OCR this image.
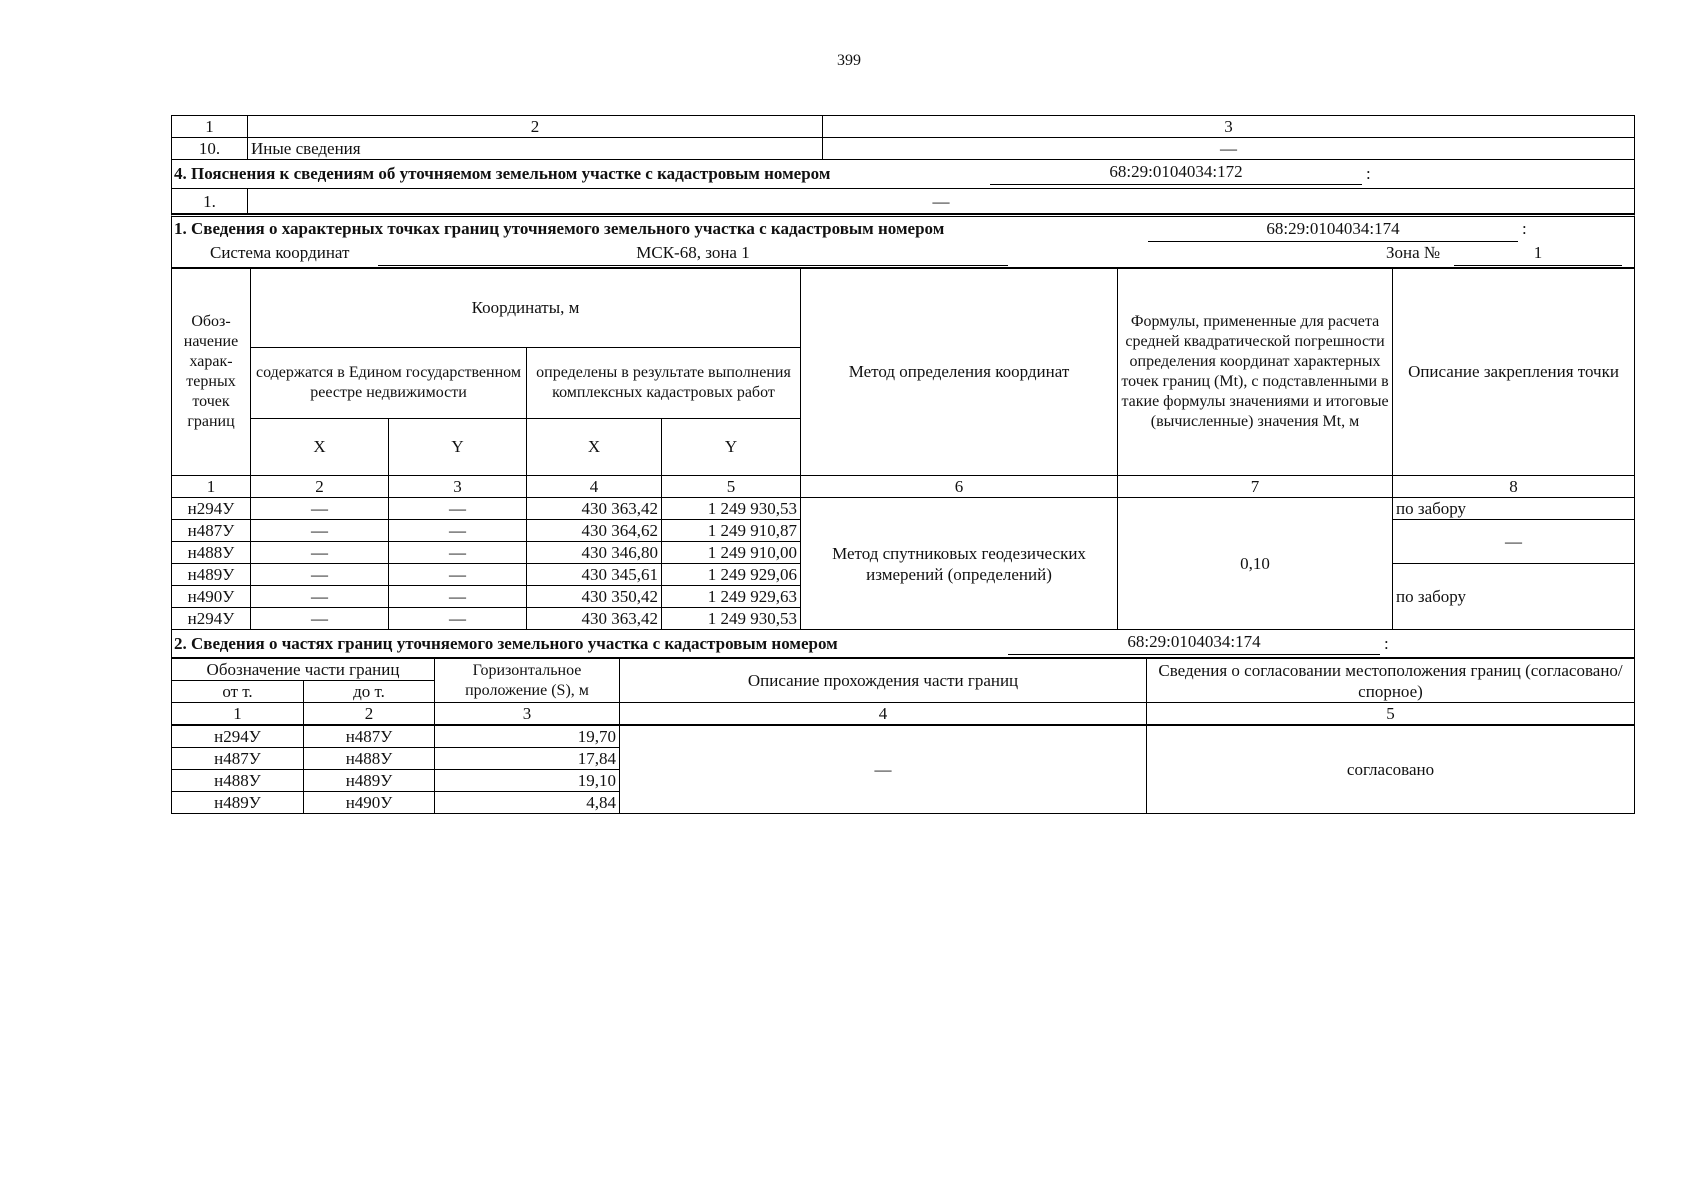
399
1	2	3
10.	Иные сведения	—
4. Пояснения к сведениям об уточняемом земельном участке с кадастровым номером	68:29:0104034:172	:
1.	—
1. Сведения о характерных точках границ уточняемого земельного участка с кадастровым номером	68:29:0104034:174	:
Система координат	МСК-68, зона 1	Зона №	1
Обоз-начение харак-терных точек границ	Координаты, м				Метод определения координат	Формулы, примененные для расчета средней квадратической погрешности определения координат характерных точек границ (Mt), с подставленными в такие формулы значениями и итоговые (вычисленные) значения Mt, м	Описание закрепления точки
	содержатся в Едином государственном реестре недвижимости		определены в результате выполнения комплексных кадастровых работ				
	X	Y	X	Y			
1	2	3	4	5	6	7	8
н294У	—	—	430 363,42	1 249 930,53	Метод спутниковых геодезических измерений (определений)	0,10	по забору
н487У	—	—	430 364,62	1 249 910,87			—
н488У	—	—	430 346,80	1 249 910,00			
н489У	—	—	430 345,61	1 249 929,06			по забору
н490У	—	—	430 350,42	1 249 929,63			
н294У	—	—	430 363,42	1 249 930,53			
2. Сведения о частях границ уточняемого земельного участка с кадастровым номером	68:29:0104034:174	:
Обозначение части границ		Горизонтальное проложение (S), м	Описание прохождения части границ	Сведения о согласовании местоположения границ (согласовано/спорное)
от т.	до т.			
1	2	3	4	5
н294У	н487У	19,70	—	согласовано
н487У	н488У	17,84		
н488У	н489У	19,10		
н489У	н490У	4,84		
